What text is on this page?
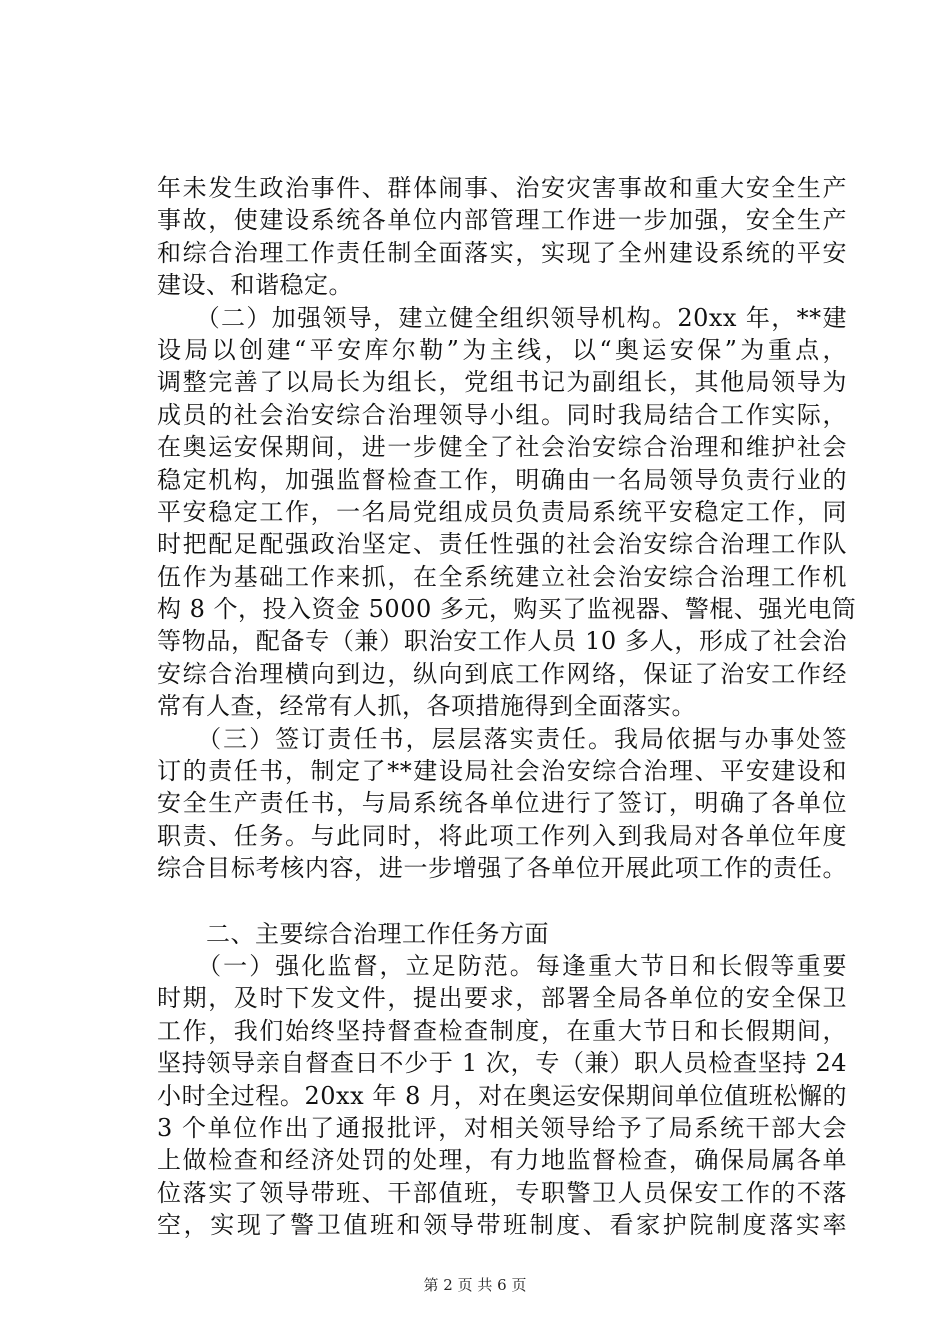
年未发生政治事件、群体闹事、治安灾害事故和重大安全生产
事故，使建设系统各单位内部管理工作进一步加强，安全生产
和综合治理工作责任制全面落实，实现了全州建设系统的平安
建设、和谐稳定。
　　（二）加强领导，建立健全组织领导机构。20xx 年，**建
设局以创建“平安库尔勒”为主线，以“奥运安保”为重点，
调整完善了以局长为组长，党组书记为副组长，其他局领导为
成员的社会治安综合治理领导小组。同时我局结合工作实际，
在奥运安保期间，进一步健全了社会治安综合治理和维护社会
稳定机构，加强监督检查工作，明确由一名局领导负责行业的
平安稳定工作，一名局党组成员负责局系统平安稳定工作，同
时把配足配强政治坚定、责任性强的社会治安综合治理工作队
伍作为基础工作来抓，在全系统建立社会治安综合治理工作机
构 8 个，投入资金 5000 多元，购买了监视器、警棍、强光电筒
等物品，配备专（兼）职治安工作人员 10 多人，形成了社会治
安综合治理横向到边，纵向到底工作网络，保证了治安工作经
常有人查，经常有人抓，各项措施得到全面落实。
　　（三）签订责任书，层层落实责任。我局依据与办事处签
订的责任书，制定了**建设局社会治安综合治理、平安建设和
安全生产责任书，与局系统各单位进行了签订，明确了各单位
职责、任务。与此同时，将此项工作列入到我局对各单位年度
综合目标考核内容，进一步增强了各单位开展此项工作的责任。
　　二、主要综合治理工作任务方面
　　（一）强化监督，立足防范。每逢重大节日和长假等重要
时期，及时下发文件，提出要求，部署全局各单位的安全保卫
工作，我们始终坚持督查检查制度，在重大节日和长假期间，
坚持领导亲自督查日不少于 1 次，专（兼）职人员检查坚持 24
小时全过程。20xx 年 8 月，对在奥运安保期间单位值班松懈的
3 个单位作出了通报批评，对相关领导给予了局系统干部大会
上做检查和经济处罚的处理，有力地监督检查，确保局属各单
位落实了领导带班、干部值班，专职警卫人员保安工作的不落
空，实现了警卫值班和领导带班制度、看家护院制度落实率
第 2 页 共 6 页
